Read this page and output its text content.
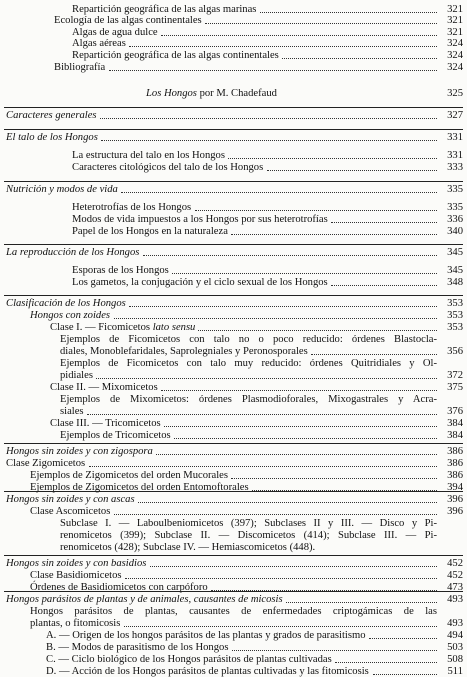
Repartición geográfica de las algas marinas	321
Ecología de las algas continentales	321
Algas de agua dulce	321
Algas aéreas	324
Repartición geográfica de las algas continentales	324
Bibliografía	324
Los Hongos por M. Chadefaud	325
Caracteres generales	327
El talo de los Hongos	331
La estructura del talo en los Hongos	331
Caracteres citológicos del talo de los Hongos	333
Nutrición y modos de vida	335
Heterotrofías de los Hongos	335
Modos de vida impuestos a los Hongos por sus heterotrofías	336
Papel de los Hongos en la naturaleza	340
La reproducción de los Hongos	345
Esporas de los Hongos	345
Los gametos, la conjugación y el ciclo sexual de los Hongos	348
Clasificación de los Hongos	353
Hongos con zoides	353
Clase I. — Ficomicetos lato sensu	353
Ejemplos de Ficomicetos con talo no o poco reducido: órdenes Blastocla-
diales, Monoblefaridales, Saprolegniales y Peronosporales	356
Ejemplos de Ficomicetos con talo muy reducido: órdenes Quitridiales y Ol-
pidiales	372
Clase II. — Mixomicetos	375
Ejemplos de Mixomicetos: órdenes Plasmodioforales, Mixogastrales y Acra-
siales	376
Clase III. — Tricomicetos	384
Ejemplos de Tricomicetos	384
Hongos sin zoides y con zigospora	386
Clase Zigomicetos	386
Ejemplos de Zigomicetos del orden Mucorales	386
Ejemplos de Zigomicetos del orden Entomoftorales	394
Hongos sin zoides y con ascas	396
Clase Ascomicetos	396
Subclase I. — Laboulbeniomicetos (397); Subclases II y III. — Disco y Pi-
renomicetos (399); Subclase II. — Discomicetos (414); Subclase III. — Pi-
renomicetos (428); Subclase IV. — Hemiascomicetos (448).
Hongos sin zoides y con basidios	452
Clase Basidiomicetos	452
Órdenes de Basidiomicetos con carpóforo	473
Hongos parásitos de plantas y de animales, causantes de micosis	493
Hongos parásitos de plantas, causantes de enfermedades criptogámicas de las
plantas, o fitomicosis	493
A. — Origen de los hongos parásitos de las plantas y grados de parasitismo	494
B. — Modos de parasitismo de los Hongos	503
C. — Ciclo biológico de los Hongos parásitos de plantas cultivadas	508
D. — Acción de los Hongos parásitos de plantas cultivadas y las fitomicosis	511
